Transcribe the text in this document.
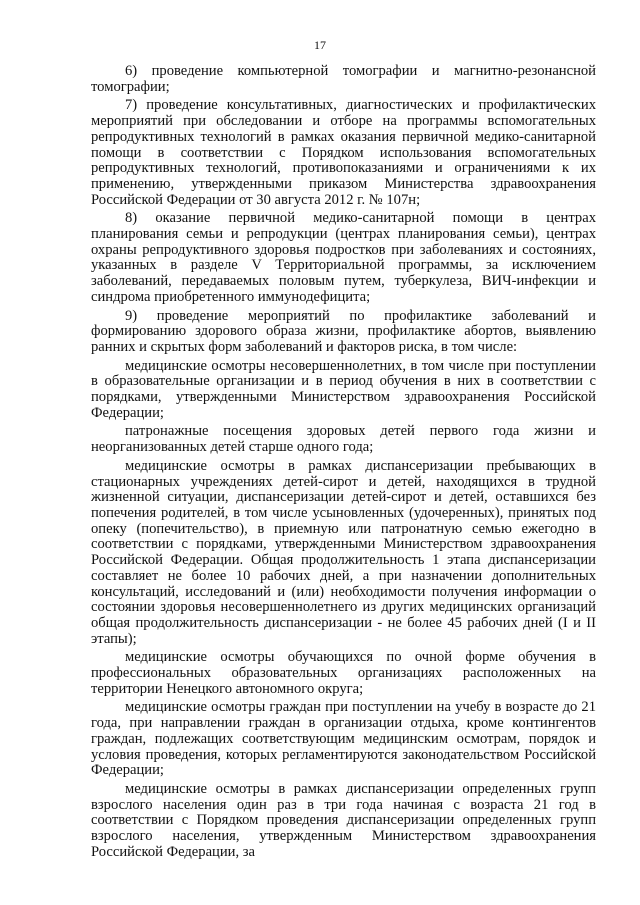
17

6) проведение компьютерной томографии и магнитно-резонансной томографии;

7) проведение консультативных, диагностических и профилактических мероприятий при обследовании и отборе на программы вспомогательных репродуктивных технологий в рамках оказания первичной медико-санитарной помощи в соответствии с Порядком использования вспомогательных репродуктивных технологий, противопоказаниями и ограничениями к их применению, утвержденными приказом Министерства здравоохранения Российской Федерации от 30 августа 2012 г. № 107н;

8) оказание первичной медико-санитарной помощи в центрах планирования семьи и репродукции (центрах планирования семьи), центрах охраны репродуктивного здоровья подростков при заболеваниях и состояниях, указанных в разделе V Территориальной программы, за исключением заболеваний, передаваемых половым путем, туберкулеза, ВИЧ-инфекции и синдрома приобретенного иммунодефицита;

9) проведение мероприятий по профилактике заболеваний и формированию здорового образа жизни, профилактике абортов, выявлению ранних и скрытых форм заболеваний и факторов риска, в том числе:

медицинские осмотры несовершеннолетних, в том числе при поступлении в образовательные организации и в период обучения в них в соответствии с порядками, утвержденными Министерством здравоохранения Российской Федерации;

патронажные посещения здоровых детей первого года жизни и неорганизованных детей старше одного года;

медицинские осмотры в рамках диспансеризации пребывающих в стационарных учреждениях детей-сирот и детей, находящихся в трудной жизненной ситуации, диспансеризации детей-сирот и детей, оставшихся без попечения родителей, в том числе усыновленных (удочеренных), принятых под опеку (попечительство), в приемную или патронатную семью ежегодно в соответствии с порядками, утвержденными Министерством здравоохранения Российской Федерации. Общая продолжительность 1 этапа диспансеризации составляет не более 10 рабочих дней, а при назначении дополнительных консультаций, исследований и (или) необходимости получения информации о состоянии здоровья несовершеннолетнего из других медицинских организаций общая продолжительность диспансеризации - не более 45 рабочих дней (I и II этапы);

медицинские осмотры обучающихся по очной форме обучения в профессиональных образовательных организациях расположенных на территории Ненецкого автономного округа;

медицинские осмотры граждан при поступлении на учебу в возрасте до 21 года, при направлении граждан в организации отдыха, кроме контингентов граждан, подлежащих соответствующим медицинским осмотрам, порядок и условия проведения, которых регламентируются законодательством Российской Федерации;

медицинские осмотры в рамках диспансеризации определенных групп взрослого населения один раз в три года начиная с возраста 21 год в соответствии с Порядком проведения диспансеризации определенных групп взрослого населения, утвержденным Министерством здравоохранения Российской Федерации, за
